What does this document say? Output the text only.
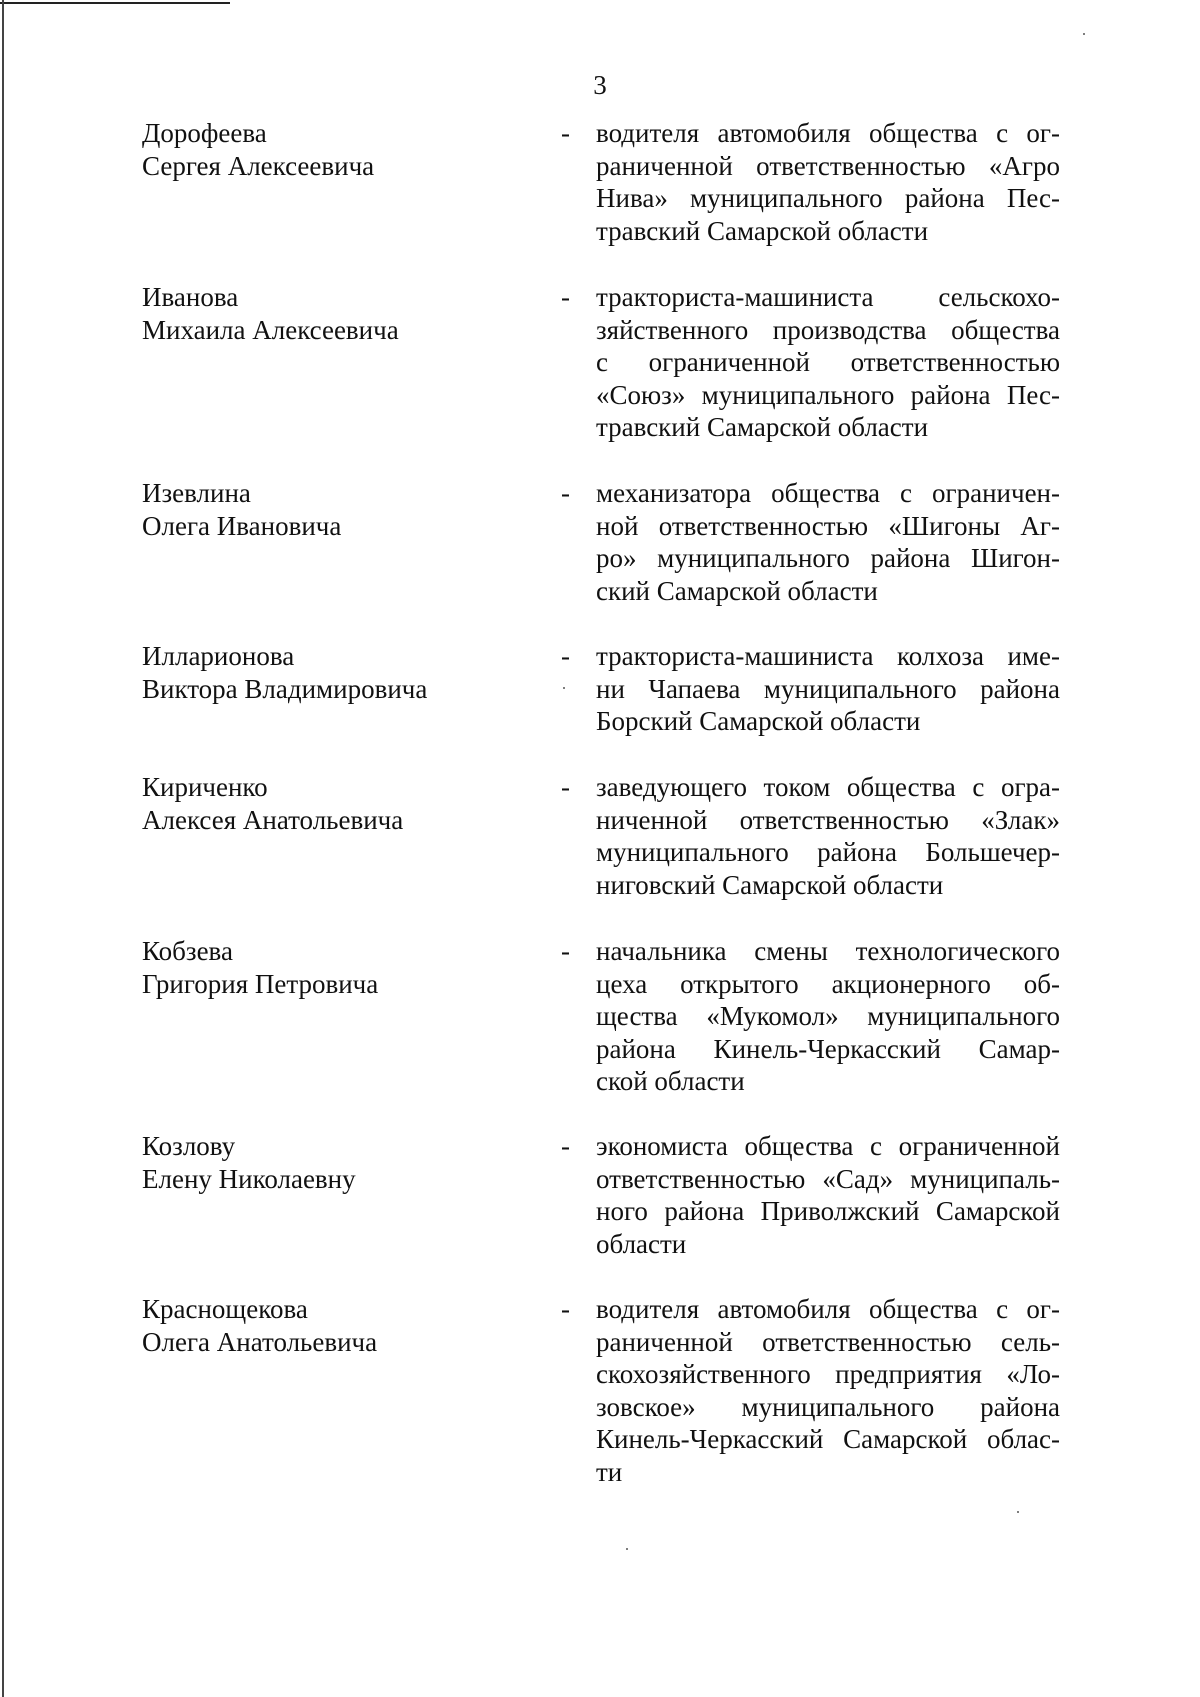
3
Дорофеева
Сергея Алексеевича
- водителя автомобиля общества с ог-
раниченной ответственностью «Агро
Нива» муниципального района Пес-
травский Самарской области
Иванова
Михаила Алексеевича
- тракториста-машиниста сельскохо-
зяйственного производства общества
с ограниченной ответственностью
«Союз» муниципального района Пес-
травский Самарской области
Изевлина
Олега Ивановича
- механизатора общества с ограничен-
ной ответственностью «Шигоны Аг-
ро» муниципального района Шигон-
ский Самарской области
Илларионова
Виктора Владимировича
- тракториста-машиниста колхоза име-
ни Чапаева муниципального района
Борский Самарской области
Кириченко
Алексея Анатольевича
- заведующего током общества с огра-
ниченной ответственностью «Злак»
муниципального района Большечер-
ниговский Самарской области
Кобзева
Григория Петровича
- начальника смены технологического
цеха открытого акционерного об-
щества «Мукомол» муниципального
района Кинель-Черкасский Самар-
ской области
Козлову
Елену Николаевну
- экономиста общества с ограниченной
ответственностью «Сад» муниципаль-
ного района Приволжский Самарской
области
Краснощекова
Олега Анатольевича
- водителя автомобиля общества с ог-
раниченной ответственностью сель-
скохозяйственного предприятия «Ло-
зовское» муниципального района
Кинель-Черкасский Самарской облас-
ти
